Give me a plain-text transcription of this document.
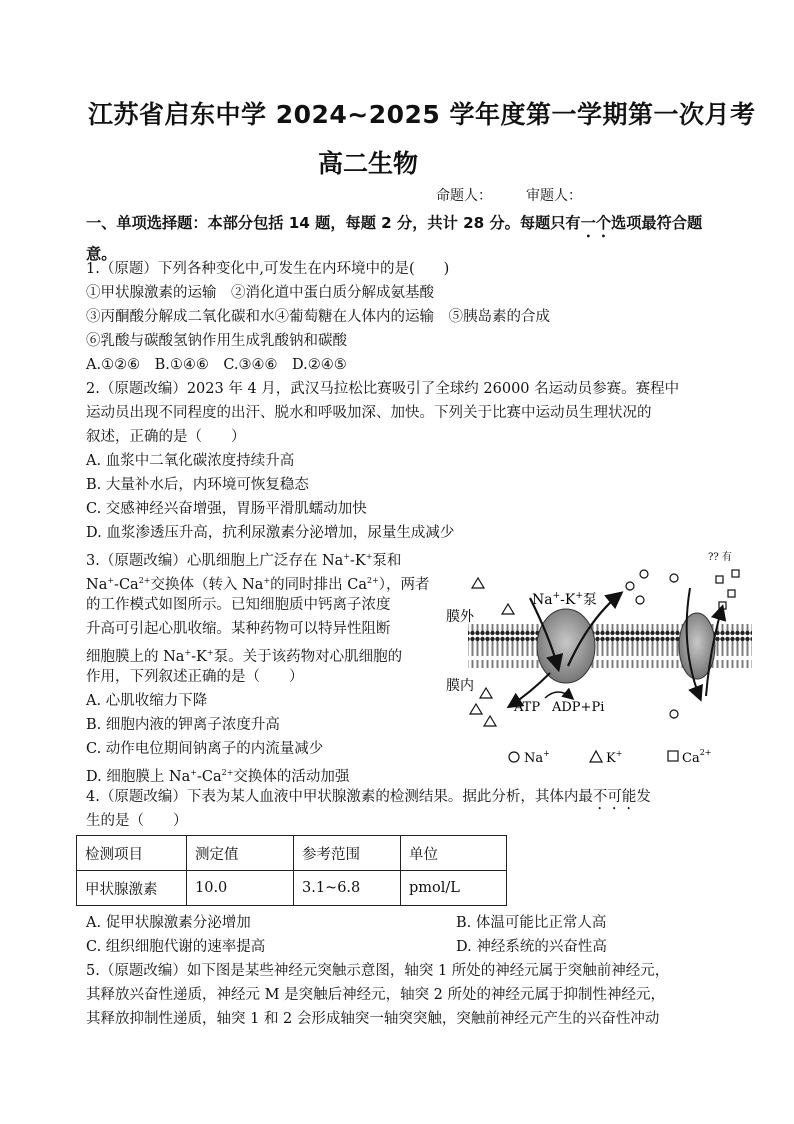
江苏省启东中学 2024~2025 学年度第一学期第一次月考
高二生物
命题人： 审题人：
一、单项选择题：本部分包括 14 题，每题 2 分，共计 28 分。每题只有一个选项最符合题
意。
1.（原题）下列各种变化中,可发生在内环境中的是(　　)
①甲状腺激素的运输　②消化道中蛋白质分解成氨基酸
③丙酮酸分解成二氧化碳和水④葡萄糖在人体内的运输　⑤胰岛素的合成
⑥乳酸与碳酸氢钠作用生成乳酸钠和碳酸
A.①②⑥　B.①④⑥　C.③④⑥　D.②④⑤
2.（原题改编）2023 年 4 月，武汉马拉松比赛吸引了全球约 26000 名运动员参赛。赛程中
运动员出现不同程度的出汗、脱水和呼吸加深、加快。下列关于比赛中运动员生理状况的
叙述，正确的是（　　）
A. 血浆中二氧化碳浓度持续升高
B. 大量补水后，内环境可恢复稳态
C. 交感神经兴奋增强，胃肠平滑肌蠕动加快
D. 血浆渗透压升高，抗利尿激素分泌增加，尿量生成减少
3.（原题改编）心肌细胞上广泛存在 Na+-K+泵和
$Na^+-Ca^{2+}$交换体（转入 Na+的同时排出 $Ca^{2+}$），两者
的工作模式如图所示。已知细胞质中钙离子浓度
升高可引起心肌收缩。某种药物可以特异性阻断
细胞膜上的 Na+-K+泵。关于该药物对心肌细胞的
作用，下列叙述正确的是（　　）
A. 心肌收缩力下降
B. 细胞内液的钾离子浓度升高
C. 动作电位期间钠离子的内流量减少
D. 细胞膜上 $Na^+-Ca^{2+}$交换体的活动加强
膜外
膜内
Na+-K+泵
ATP ADP+Pi
?? 有
Na+	K+	$Ca^{2+}$
4.（原题改编）下表为某人血液中甲状腺激素的检测结果。据此分析，其体内最不可能发
生的是（　　）
检测项目	测定值	参考范围	单位
甲状腺激素	10.0	3.1~6.8	pmol/L
A. 促甲状腺激素分泌增加	B. 体温可能比正常人高
C. 组织细胞代谢的速率提高	D. 神经系统的兴奋性高
5.（原题改编）如下图是某些神经元突触示意图，轴突 1 所处的神经元属于突触前神经元，
其释放兴奋性递质，神经元 M 是突触后神经元，轴突 2 所处的神经元属于抑制性神经元，
其释放抑制性递质，轴突 1 和 2 会形成轴突一轴突突触，突触前神经元产生的兴奋性冲动
